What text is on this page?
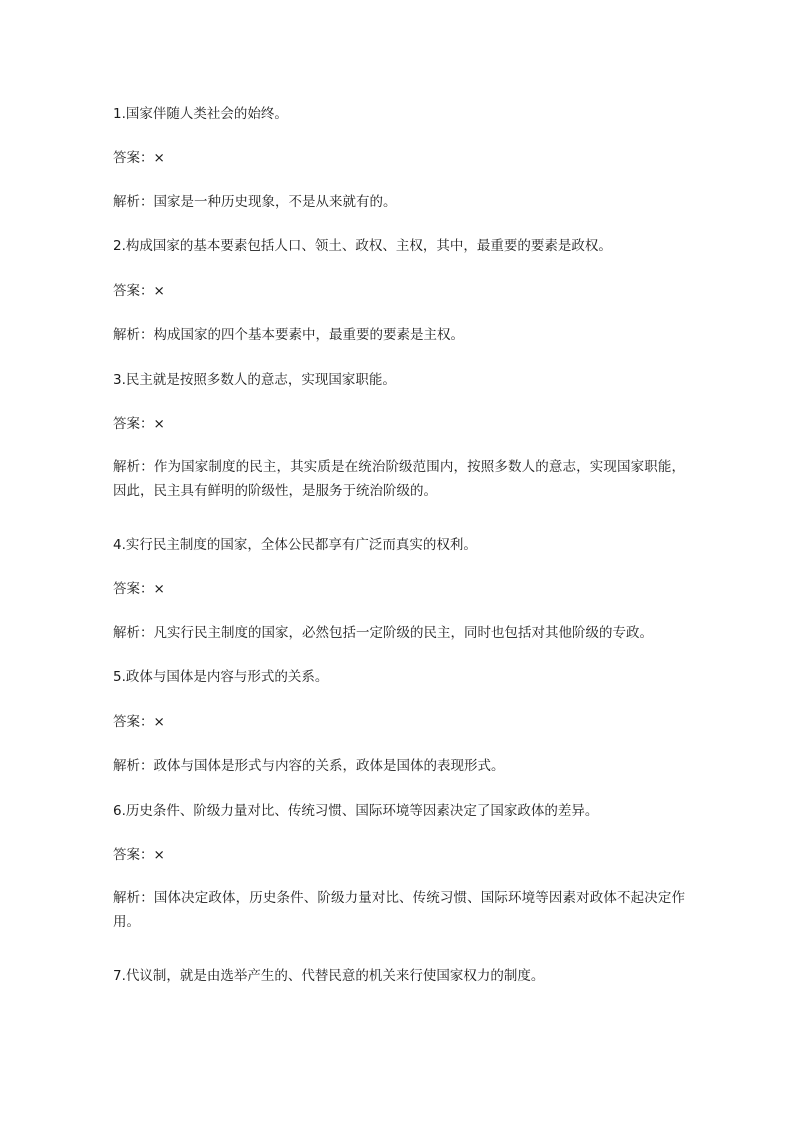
1.国家伴随人类社会的始终。
答案：×
解析：国家是一种历史现象，不是从来就有的。
2.构成国家的基本要素包括人口、领土、政权、主权，其中，最重要的要素是政权。
答案：×
解析：构成国家的四个基本要素中，最重要的要素是主权。
3.民主就是按照多数人的意志，实现国家职能。
答案：×
解析：作为国家制度的民主，其实质是在统治阶级范围内，按照多数人的意志，实现国家职能，因此，民主具有鲜明的阶级性，是服务于统治阶级的。
4.实行民主制度的国家，全体公民都享有广泛而真实的权利。
答案：×
解析：凡实行民主制度的国家，必然包括一定阶级的民主，同时也包括对其他阶级的专政。
5.政体与国体是内容与形式的关系。
答案：×
解析：政体与国体是形式与内容的关系，政体是国体的表现形式。
6.历史条件、阶级力量对比、传统习惯、国际环境等因素决定了国家政体的差异。
答案：×
解析：国体决定政体，历史条件、阶级力量对比、传统习惯、国际环境等因素对政体不起决定作用。
7.代议制，就是由选举产生的、代替民意的机关来行使国家权力的制度。
